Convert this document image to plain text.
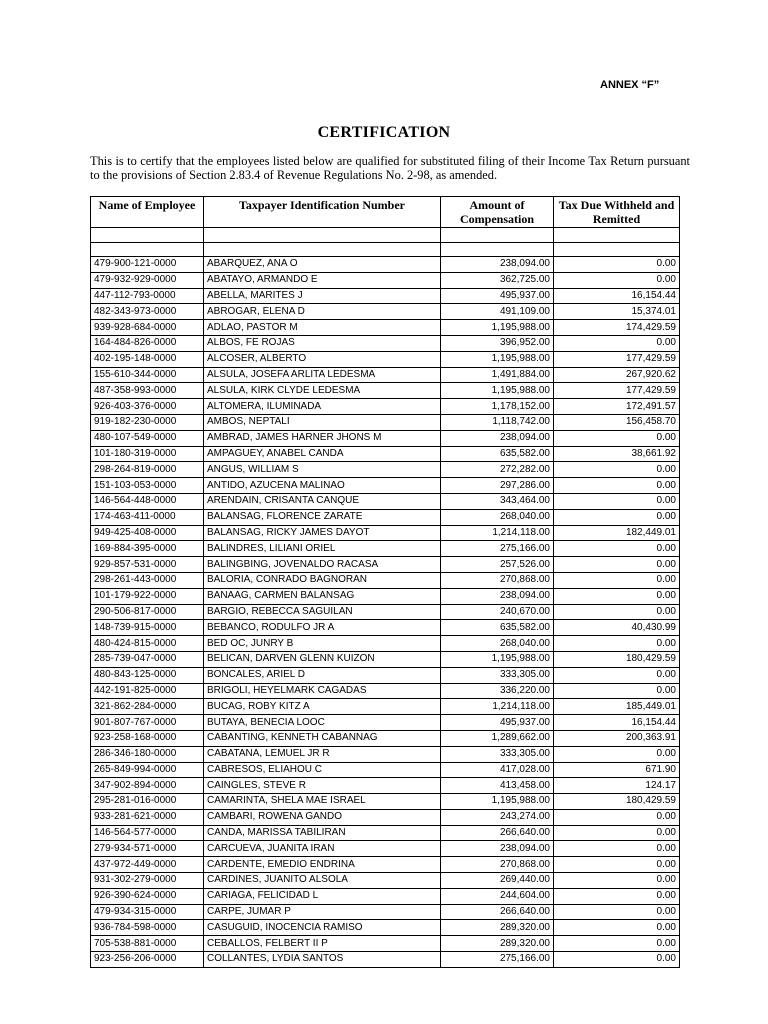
ANNEX “F”
CERTIFICATION

This is to certify that the employees listed below are qualified for substituted filing of their Income Tax Return pursuant to the provisions of Section 2.83.4 of Revenue Regulations No. 2-98, as amended.

Name of Employee	Taxpayer Identification Number	Amount of Compensation	Tax Due Withheld and Remitted

479-900-121-0000	ABARQUEZ, ANA O	238,094.00	0.00
479-932-929-0000	ABATAYO, ARMANDO E	362,725.00	0.00
447-112-793-0000	ABELLA, MARITES J	495,937.00	16,154.44
482-343-973-0000	ABROGAR, ELENA D	491,109.00	15,374.01
939-928-684-0000	ADLAO, PASTOR M	1,195,988.00	174,429.59
164-484-826-0000	ALBOS, FE ROJAS	396,952.00	0.00
402-195-148-0000	ALCOSER, ALBERTO	1,195,988.00	177,429.59
155-610-344-0000	ALSULA, JOSEFA ARLITA LEDESMA	1,491,884.00	267,920.62
487-358-993-0000	ALSULA, KIRK CLYDE LEDESMA	1,195,988.00	177,429.59
926-403-376-0000	ALTOMERA, ILUMINADA	1,178,152.00	172,491.57
919-182-230-0000	AMBOS, NEPTALI	1,118,742.00	156,458.70
480-107-549-0000	AMBRAD, JAMES HARNER JHONS M	238,094.00	0.00
101-180-319-0000	AMPAGUEY, ANABEL CANDA	635,582.00	38,661.92
298-264-819-0000	ANGUS, WILLIAM S	272,282.00	0.00
151-103-053-0000	ANTIDO, AZUCENA MALINAO	297,286.00	0.00
146-564-448-0000	ARENDAIN, CRISANTA CANQUE	343,464.00	0.00
174-463-411-0000	BALANSAG, FLORENCE ZARATE	268,040.00	0.00
949-425-408-0000	BALANSAG, RICKY JAMES DAYOT	1,214,118.00	182,449.01
169-884-395-0000	BALINDRES, LILIANI ORIEL	275,166.00	0.00
929-857-531-0000	BALINGBING, JOVENALDO RACASA	257,526.00	0.00
298-261-443-0000	BALORIA, CONRADO BAGNORAN	270,868.00	0.00
101-179-922-0000	BANAAG, CARMEN BALANSAG	238,094.00	0.00
290-506-817-0000	BARGIO, REBECCA SAGUILAN	240,670.00	0.00
148-739-915-0000	BEBANCO, RODULFO JR A	635,582.00	40,430.99
480-424-815-0000	BED OC, JUNRY B	268,040.00	0.00
285-739-047-0000	BELICAN, DARVEN GLENN KUIZON	1,195,988.00	180,429.59
480-843-125-0000	BONCALES, ARIEL D	333,305.00	0.00
442-191-825-0000	BRIGOLI, HEYELMARK CAGADAS	336,220.00	0.00
321-862-284-0000	BUCAG, ROBY KITZ A	1,214,118.00	185,449.01
901-807-767-0000	BUTAYA, BENECIA LOOC	495,937.00	16,154.44
923-258-168-0000	CABANTING, KENNETH CABANNAG	1,289,662.00	200,363.91
286-346-180-0000	CABATANA, LEMUEL JR R	333,305.00	0.00
265-849-994-0000	CABRESOS, ELIAHOU C	417,028.00	671.90
347-902-894-0000	CAINGLES, STEVE R	413,458.00	124.17
295-281-016-0000	CAMARINTA, SHELA MAE ISRAEL	1,195,988.00	180,429.59
933-281-621-0000	CAMBARI, ROWENA GANDO	243,274.00	0.00
146-564-577-0000	CANDA, MARISSA TABILIRAN	266,640.00	0.00
279-934-571-0000	CARCUEVA, JUANITA IRAN	238,094.00	0.00
437-972-449-0000	CARDENTE, EMEDIO ENDRINA	270,868.00	0.00
931-302-279-0000	CARDINES, JUANITO ALSOLA	269,440.00	0.00
926-390-624-0000	CARIAGA, FELICIDAD L	244,604.00	0.00
479-934-315-0000	CARPE, JUMAR P	266,640.00	0.00
936-784-598-0000	CASUGUID, INOCENCIA RAMISO	289,320.00	0.00
705-538-881-0000	CEBALLOS, FELBERT II P	289,320.00	0.00
923-256-206-0000	COLLANTES, LYDIA SANTOS	275,166.00	0.00
